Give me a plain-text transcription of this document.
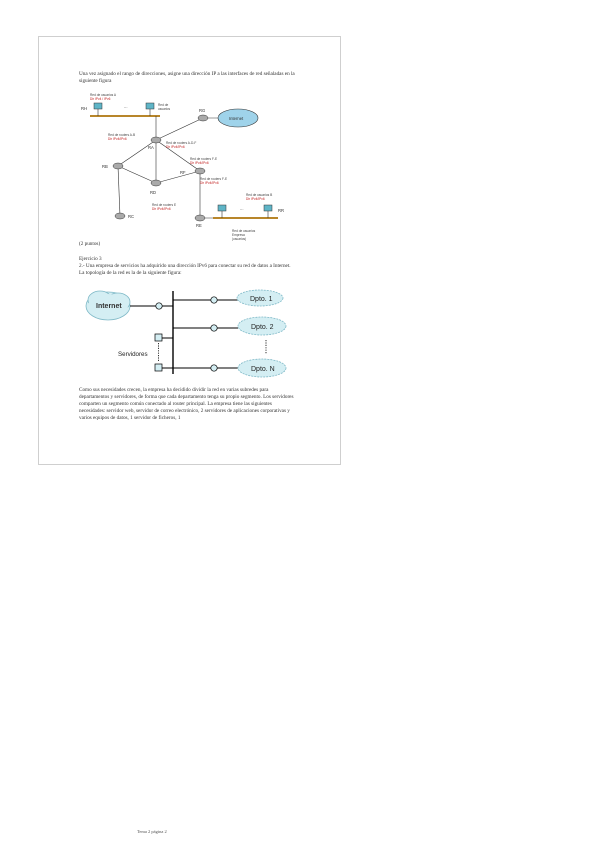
Una vez asignado el rango de direcciones, asigne una dirección IP a las interfaces de red señaladas en la siguiente figura
Red de usuarios A
Dir IPv4 / IPv6
Red de
usuarios
RH	...
Internet
RG
RA
RB
RC
RD
RF
RE
...	RR
Red de routers A-B
Dir IPv4/IPv6
Red de routers A-D-F
Dir IPv4/IPv6
Red de routers F-E
Dir IPv4/IPv6
Red de routers F-E
Dir IPv4/IPv6
Red de routers E
Dir IPv4/IPv6
Red de usuarios B
Dir IPv4/IPv6
Red de usuarios
Empresa
(usuarios)
(2 puntos)
Ejercicio 3
2.- Una empresa de servicios ha adquirido una dirección IPv6 para conectar su red de datos a Internet. La topología de la red es la de la siguiente figura:
Internet
Servidores
Dpto. 1
Dpto. 2
Dpto. N
Como sus necesidades crecen, la empresa ha decidido dividir la red en varias subredes para departamentos y servidores, de forma que cada departamento tenga su propio segmento. Los servidores comparten un segmento común conectado al router principal. La empresa tiene las siguientes necesidades: servidor web, servidor de correo electrónico, 2 servidores de aplicaciones corporativas y varios equipos de datos, 1 servidor de ficheros, 1
Tema 2 página 2
